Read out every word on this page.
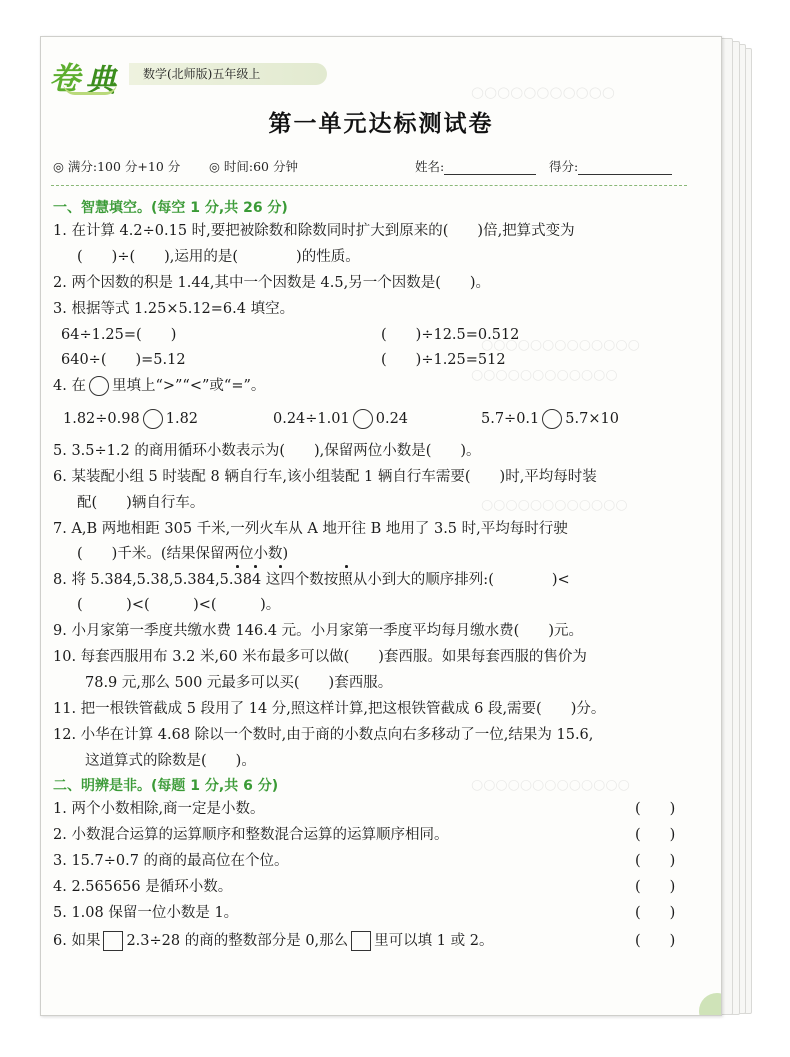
○○○○○○○○○○○
○○○○○○○○○○○○○
○○○○○○○○○○○○
○○○○○○○○○○○○
○○○○○○○○○○○○○
卷 典	数学(北师版)五年级上
第一单元达标测试卷
◎ 满分:100 分+10 分 ◎ 时间:60 分钟	姓名:	得分:
一、智慧填空。(每空 1 分,共 26 分)
1. 在计算 4.2÷0.15 时,要把被除数和除数同时扩大到原来的(　　)倍,把算式变为
(　　)÷(　　),运用的是(　　　　)的性质。
2. 两个因数的积是 1.44,其中一个因数是 4.5,另一个因数是(　　)。
3. 根据等式 1.25×5.12=6.4 填空。
64÷1.25=(　　)	(　　)÷12.5=0.512
640÷(　　)=5.12	(　　)÷1.25=512
4. 在 里填上“>”“<”或“=”。
1.82÷0.98 1.82	0.24÷1.01 0.24	5.7÷0.1 5.7×10
5. 3.5÷1.2 的商用循环小数表示为(　　),保留两位小数是(　　)。
6. 某装配小组 5 时装配 8 辆自行车,该小组装配 1 辆自行车需要(　　)时,平均每时装
配(　　)辆自行车。
7. A,B 两地相距 305 千米,一列火车从 A 地开往 B 地用了 3.5 时,平均每时行驶
(　　)千米。(结果保留两位小数)
8. 将 5.384,5.38,5.384,5.384 这四个数按照从小到大的顺序排列:(　　　　)<
(　　　)<(　　　)<(　　　)。
9. 小月家第一季度共缴水费 146.4 元。小月家第一季度平均每月缴水费(　　)元。
10. 每套西服用布 3.2 米,60 米布最多可以做(　　)套西服。如果每套西服的售价为
78.9 元,那么 500 元最多可以买(　　)套西服。
11. 把一根铁管截成 5 段用了 14 分,照这样计算,把这根铁管截成 6 段,需要(　　)分。
12. 小华在计算 4.68 除以一个数时,由于商的小数点向右多移动了一位,结果为 15.6,
这道算式的除数是(　　)。
二、明辨是非。(每题 1 分,共 6 分)
1. 两个小数相除,商一定是小数。	(　　)
2. 小数混合运算的运算顺序和整数混合运算的运算顺序相同。	(　　)
3. 15.7÷0.7 的商的最高位在个位。	(　　)
4. 2.565656 是循环小数。	(　　)
5. 1.08 保留一位小数是 1。	(　　)
6. 如果 2.3÷28 的商的整数部分是 0,那么 里可以填 1 或 2。	(　　)
